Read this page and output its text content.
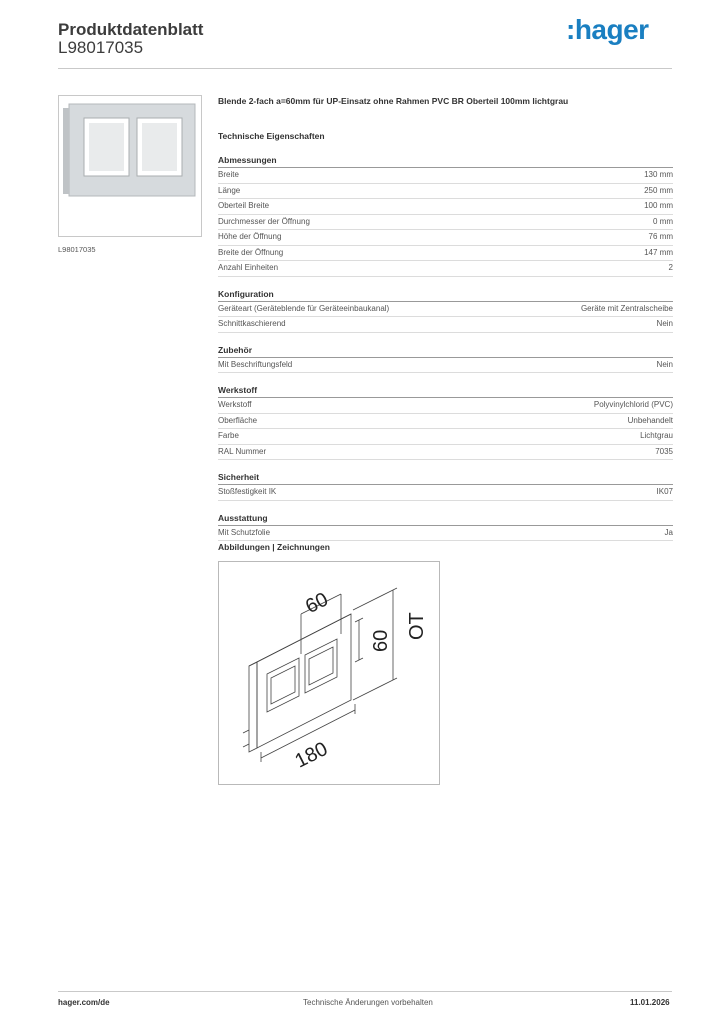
Produktdatenblatt
L98017035
:hager
L98017035
Blende 2-fach a=60mm für UP-Einsatz ohne Rahmen PVC BR Oberteil 100mm lichtgrau
Technische Eigenschaften
Abmessungen
Breite	130 mm
Länge	250 mm
Oberteil Breite	100 mm
Durchmesser der Öffnung	0 mm
Höhe der Öffnung	76 mm
Breite der Öffnung	147 mm
Anzahl Einheiten	2
Konfiguration
Geräteart (Geräteblende für Geräteeinbaukanal)	Geräte mit Zentralscheibe
Schnittkaschierend	Nein
Zubehör
Mit Beschriftungsfeld	Nein
Werkstoff
Werkstoff	Polyvinylchlorid (PVC)
Oberfläche	Unbehandelt
Farbe	Lichtgrau
RAL Nummer	7035
Sicherheit
Stoßfestigkeit IK	IK07
Ausstattung
Mit Schutzfolie	Ja
Abbildungen | Zeichnungen
60
60
OT
180
hager.com/de	Technische Änderungen vorbehalten	11.01.2026
